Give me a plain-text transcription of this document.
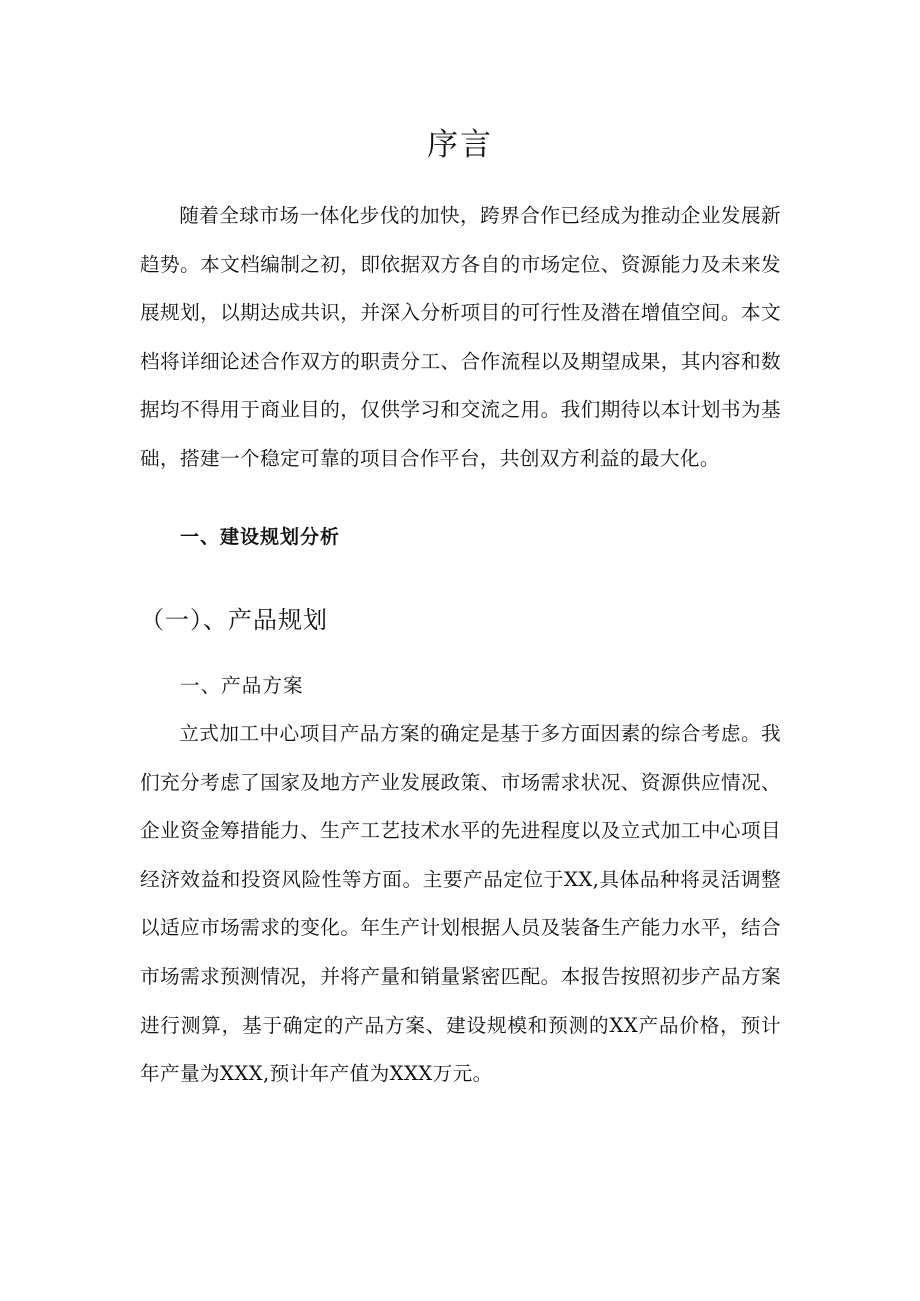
序言

随着全球市场一体化步伐的加快，跨界合作已经成为推动企业发展新趋势。本文档编制之初，即依据双方各自的市场定位、资源能力及未来发展规划，以期达成共识，并深入分析项目的可行性及潜在增值空间。本文档将详细论述合作双方的职责分工、合作流程以及期望成果，其内容和数据均不得用于商业目的，仅供学习和交流之用。我们期待以本计划书为基础，搭建一个稳定可靠的项目合作平台，共创双方利益的最大化。

一、建设规划分析
（一）、产品规划
一、产品方案

立式加工中心项目产品方案的确定是基于多方面因素的综合考虑。我们充分考虑了国家及地方产业发展政策、市场需求状况、资源供应情况、企业资金筹措能力、生产工艺技术水平的先进程度以及立式加工中心项目经济效益和投资风险性等方面。主要产品定位于XX,具体品种将灵活调整以适应市场需求的变化。年生产计划根据人员及装备生产能力水平，结合市场需求预测情况，并将产量和销量紧密匹配。本报告按照初步产品方案进行测算，基于确定的产品方案、建设规模和预测的XX产品价格，预计年产量为XXX,预计年产值为XXX万元。
